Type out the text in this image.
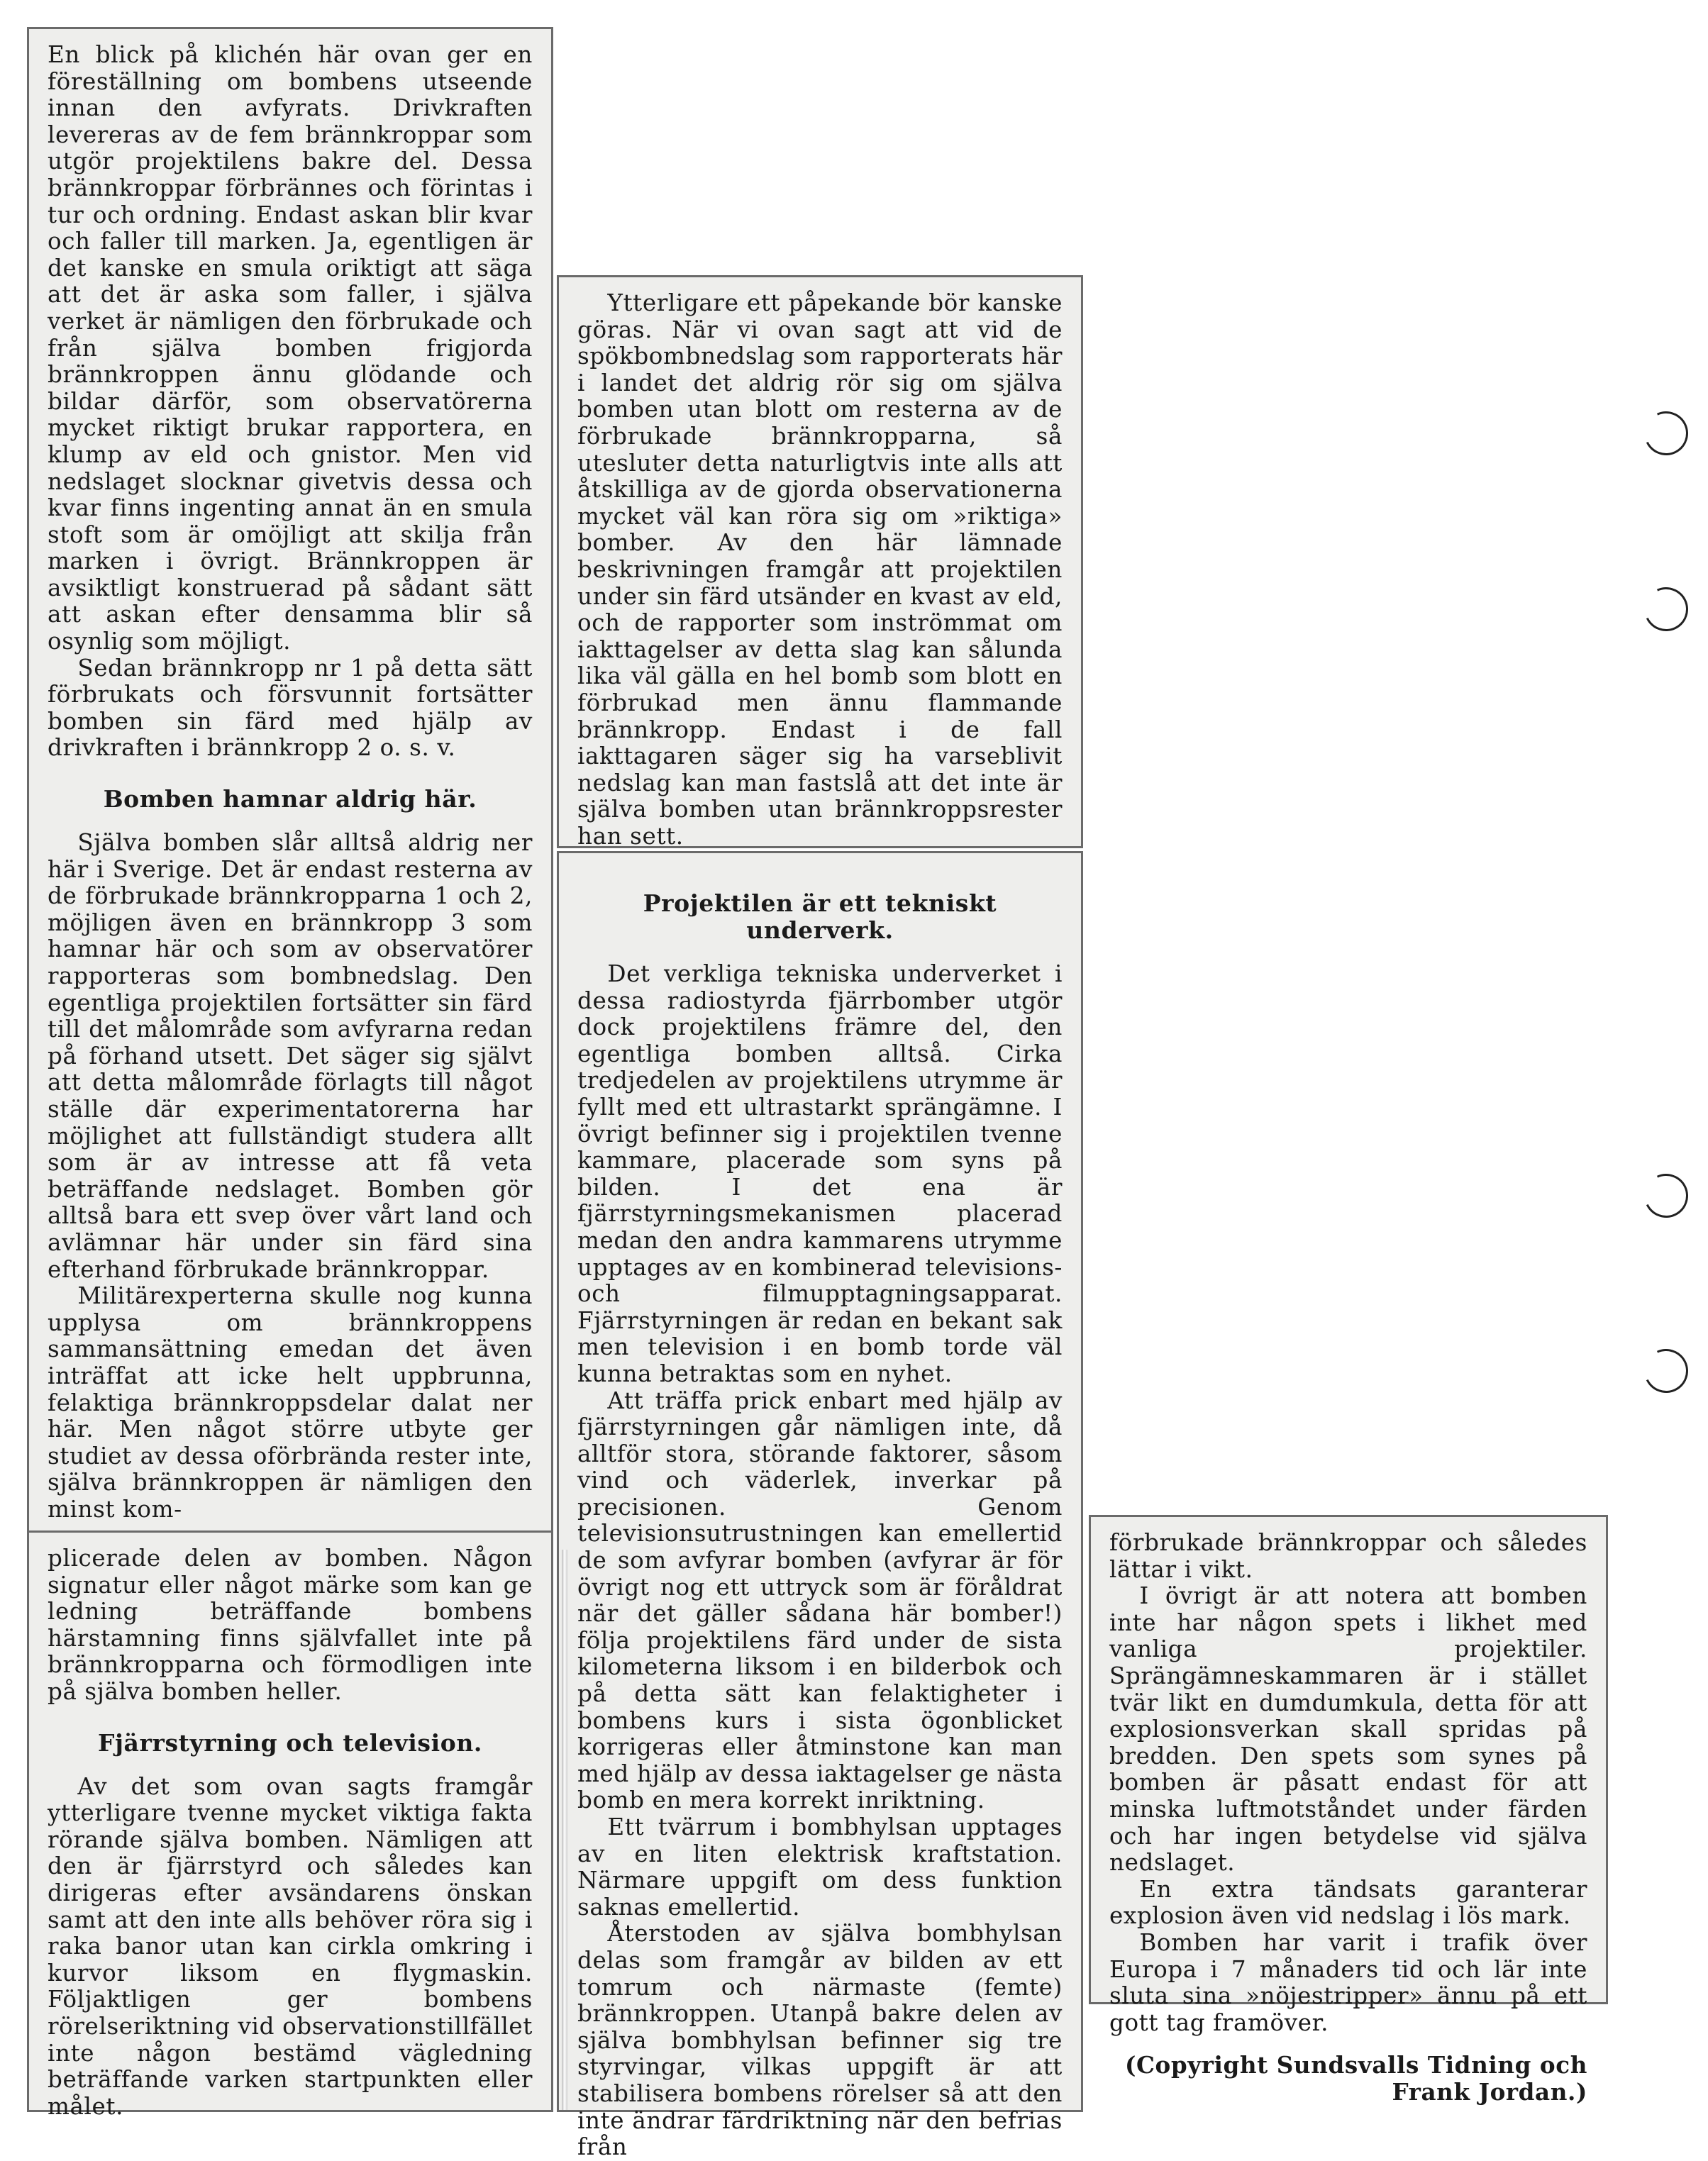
En blick på klichén här ovan ger en föreställning om bombens utseende innan den avfyrats. Drivkraften levereras av de fem brännkroppar som utgör projektilens bakre del. Dessa brännkroppar förbrännes och förintas i tur och ordning. Endast askan blir kvar och faller till marken. Ja, egentligen är det kanske en smula oriktigt att säga att det är aska som faller, i själva verket är nämligen den förbrukade och från själva bomben frigjorda brännkroppen ännu glödande och bildar därför, som observatörerna mycket riktigt brukar rapportera, en klump av eld och gnistor. Men vid nedslaget slocknar givetvis dessa och kvar finns ingenting annat än en smula stoft som är omöjligt att skilja från marken i övrigt. Brännkroppen är avsiktligt konstruerad på sådant sätt att askan efter densamma blir så osynlig som möjligt.

Sedan brännkropp nr 1 på detta sätt förbrukats och försvunnit fortsätter bomben sin färd med hjälp av drivkraften i brännkropp 2 o. s. v.

Bomben hamnar aldrig här.

Själva bomben slår alltså aldrig ner här i Sverige. Det är endast resterna av de förbrukade brännkropparna 1 och 2, möjligen även en brännkropp 3 som hamnar här och som av observatörer rapporteras som bombnedslag. Den egentliga projektilen fortsätter sin färd till det målområde som avfyrarna redan på förhand utsett. Det säger sig självt att detta målområde förlagts till något ställe där experimentatorerna har möjlighet att fullständigt studera allt som är av intresse att få veta beträffande nedslaget. Bomben gör alltså bara ett svep över vårt land och avlämnar här under sin färd sina efterhand förbrukade brännkroppar.

Militärexperterna skulle nog kunna upplysa om brännkroppens sammansättning emedan det även inträffat att icke helt uppbrunna, felaktiga brännkroppsdelar dalat ner här. Men något större utbyte ger studiet av dessa oförbrända rester inte, själva brännkroppen är nämligen den minst kom-

plicerade delen av bomben. Någon signatur eller något märke som kan ge ledning beträffande bombens härstamning finns självfallet inte på brännkropparna och förmodligen inte på själva bomben heller.

Fjärrstyrning och television.

Av det som ovan sagts framgår ytterligare tvenne mycket viktiga fakta rörande själva bomben. Nämligen att den är fjärrstyrd och således kan dirigeras efter avsändarens önskan samt att den inte alls behöver röra sig i raka banor utan kan cirkla omkring i kurvor liksom en flygmaskin. Följaktligen ger bombens rörelseriktning vid observationstillfället inte någon bestämd vägledning beträffande varken startpunkten eller målet.

Ytterligare ett påpekande bör kanske göras. När vi ovan sagt att vid de spökbombnedslag som rapporterats här i landet det aldrig rör sig om själva bomben utan blott om resterna av de förbrukade brännkropparna, så utesluter detta naturligtvis inte alls att åtskilliga av de gjorda observationerna mycket väl kan röra sig om »riktiga» bomber. Av den här lämnade beskrivningen framgår att projektilen under sin färd utsänder en kvast av eld, och de rapporter som inströmmat om iakttagelser av detta slag kan sålunda lika väl gälla en hel bomb som blott en förbrukad men ännu flammande brännkropp. Endast i de fall iakttagaren säger sig ha varseblivit nedslag kan man fastslå att det inte är själva bomben utan brännkroppsrester han sett.

Projektilen är ett tekniskt underverk.

Det verkliga tekniska underverket i dessa radiostyrda fjärrbomber utgör dock projektilens främre del, den egentliga bomben alltså. Cirka tredjedelen av projektilens utrymme är fyllt med ett ultrastarkt sprängämne. I övrigt befinner sig i projektilen tvenne kammare, placerade som syns på bilden. I det ena är fjärrstyrningsmekanismen placerad medan den andra kammarens utrymme upptages av en kombinerad televisions- och filmupptagningsapparat. Fjärrstyrningen är redan en bekant sak men television i en bomb torde väl kunna betraktas som en nyhet.

Att träffa prick enbart med hjälp av fjärrstyrningen går nämligen inte, då alltför stora, störande faktorer, såsom vind och väderlek, inverkar på precisionen. Genom televisionsutrustningen kan emellertid de som avfyrar bomben (avfyrar är för övrigt nog ett uttryck som är föråldrat när det gäller sådana här bomber!) följa projektilens färd under de sista kilometerna liksom i en bilderbok och på detta sätt kan felaktigheter i bombens kurs i sista ögonblicket korrigeras eller åtminstone kan man med hjälp av dessa iaktagelser ge nästa bomb en mera korrekt inriktning.

Ett tvärrum i bombhylsan upptages av en liten elektrisk kraftstation. Närmare uppgift om dess funktion saknas emellertid.

Återstoden av själva bombhylsan delas som framgår av bilden av ett tomrum och närmaste (femte) brännkroppen. Utanpå bakre delen av själva bombhylsan befinner sig tre styrvingar, vilkas uppgift är att stabilisera bombens rörelser så att den inte ändrar färdriktning när den befrias från

förbrukade brännkroppar och således lättar i vikt.

I övrigt är att notera att bomben inte har någon spets i likhet med vanliga projektiler. Sprängämneskammaren är i stället tvär likt en dumdumkula, detta för att explosionsverkan skall spridas på bredden. Den spets som synes på bomben är påsatt endast för att minska luftmotståndet under färden och har ingen betydelse vid själva nedslaget.

En extra tändsats garanterar explosion även vid nedslag i lös mark.

Bomben har varit i trafik över Europa i 7 månaders tid och lär inte sluta sina »nöjestripper» ännu på ett gott tag framöver.

(Copyright Sundsvalls Tidning och Frank Jordan.)
